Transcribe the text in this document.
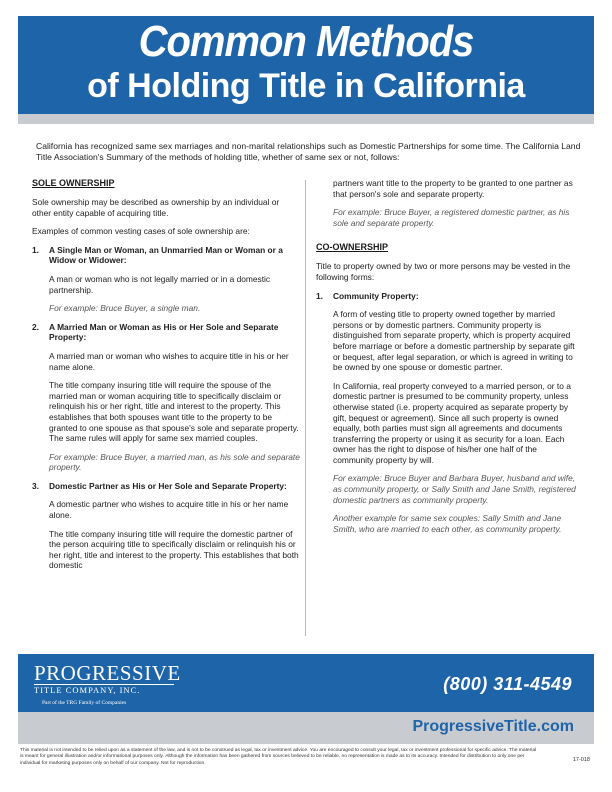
Common Methods
of Holding Title in California
California has recognized same sex marriages and non-marital relationships such as Domestic Partnerships for some time. The California Land Title Association's Summary of the methods of holding title, whether of same sex or not, follows:
SOLE OWNERSHIP

Sole ownership may be described as ownership by an individual or other entity capable of acquiring title.

Examples of common vesting cases of sole ownership are:

1.	A Single Man or Woman, an Unmarried Man or Woman or a Widow or Widower:

A man or woman who is not legally married or in a domestic partnership.

For example: Bruce Buyer, a single man.

2.	A Married Man or Woman as His or Her Sole and Separate Property:

A married man or woman who wishes to acquire title in his or her name alone.

The title company insuring title will require the spouse of the married man or woman acquiring title to specifically disclaim or relinquish his or her right, title and interest to the property. This establishes that both spouses want title to the property to be granted to one spouse as that spouse's sole and separate property. The same rules will apply for same sex married couples.

For example: Bruce Buyer, a married man, as his sole and separate property.

3.	Domestic Partner as His or Her Sole and Separate Property:

A domestic partner who wishes to acquire title in his or her name alone.

The title company insuring title will require the domestic partner of the person acquiring title to specifically disclaim or relinquish his or her right, title and interest to the property. This establishes that both domestic

partners want title to the property to be granted to one partner as that person's sole and separate property.

For example: Bruce Buyer, a registered domestic partner, as his sole and separate property.

CO-OWNERSHIP

Title to property owned by two or more persons may be vested in the following forms:

1.	Community Property:

A form of vesting title to property owned together by married persons or by domestic partners. Community property is distinguished from separate property, which is property acquired before marriage or before a domestic partnership by separate gift or bequest, after legal separation, or which is agreed in writing to be owned by one spouse or domestic partner.

In California, real property conveyed to a married person, or to a domestic partner is presumed to be community property, unless otherwise stated (i.e. property acquired as separate property by gift, bequest or agreement). Since all such property is owned equally, both parties must sign all agreements and documents transferring the property or using it as security for a loan. Each owner has the right to dispose of his/her one half of the community property by will.

For example: Bruce Buyer and Barbara Buyer, husband and wife, as community property, or Sally Smith and Jane Smith, registered domestic partners as community property.

Another example for same sex couples: Sally Smith and Jane Smith, who are married to each other, as community property.

PROGRESSIVE
TITLE COMPANY, INC.
Part of the TRG Family of Companies
(800) 311-4549
ProgressiveTitle.com
This material is not intended to be relied upon as a statement of the law, and is not to be construed as legal, tax or investment advice. You are encouraged to consult your legal, tax or investment professional for specific advice. The material is meant for general illustration and/or informational purposes only. Although the information has been gathered from sources believed to be reliable, no representation is made as to its accuracy. Intended for distribution to only one per individual for marketing purposes only on behalf of our company. Not for reproduction.
17-018
